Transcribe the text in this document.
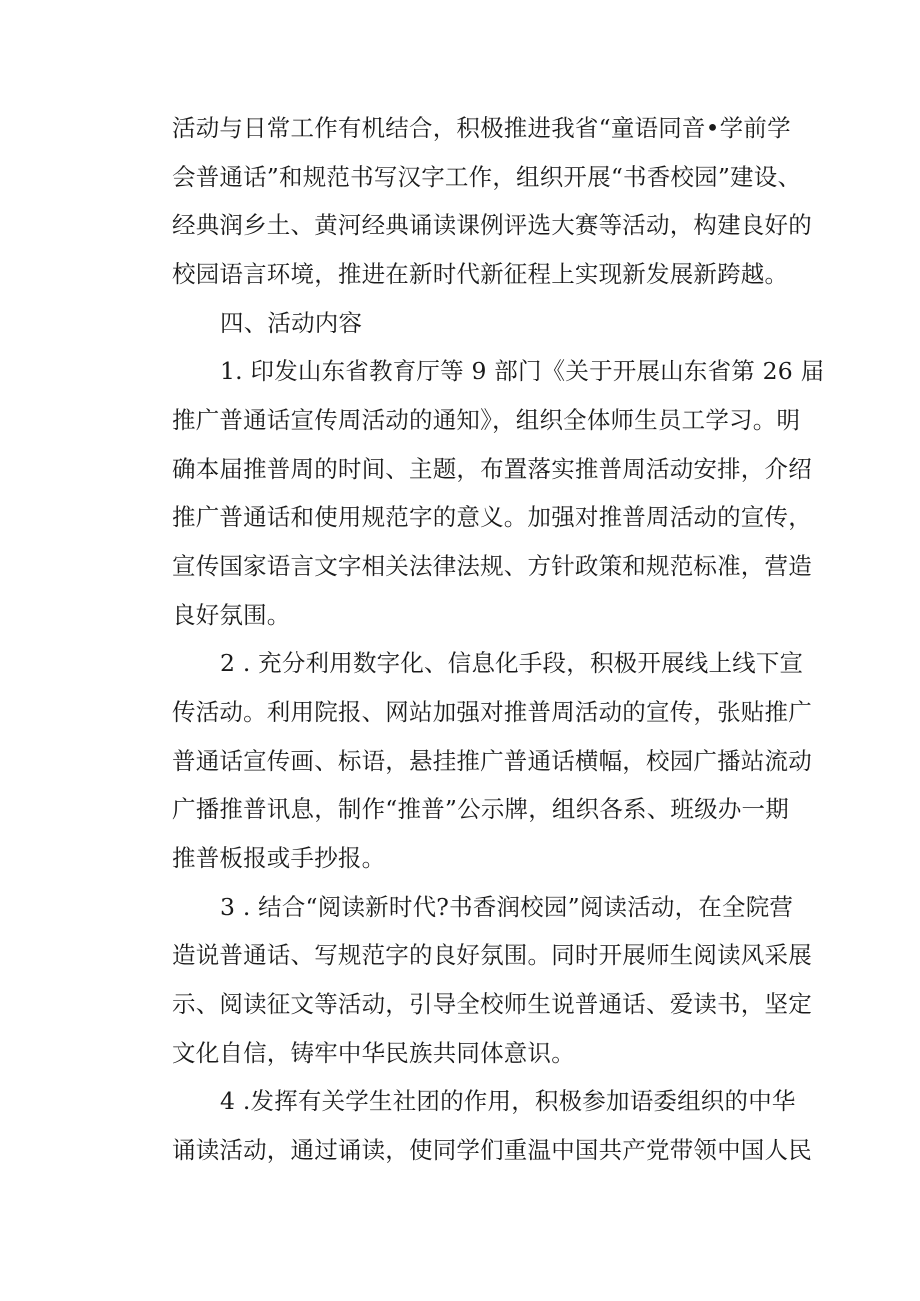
活动与日常工作有机结合，积极推进我省“童语同音•学前学

会普通话”和规范书写汉字工作，组织开展“书香校园”建设、

经典润乡土、黄河经典诵读课例评选大赛等活动，构建良好的

校园语言环境，推进在新时代新征程上实现新发展新跨越。

四、活动内容

1. 印发山东省教育厅等 9 部门《关于开展山东省第 26 届

推广普通话宣传周活动的通知》，组织全体师生员工学习。明

确本届推普周的时间、主题，布置落实推普周活动安排，介绍

推广普通话和使用规范字的意义。加强对推普周活动的宣传，

宣传国家语言文字相关法律法规、方针政策和规范标准，营造

良好氛围。

2 . 充分利用数字化、信息化手段，积极开展线上线下宣

传活动。利用院报、网站加强对推普周活动的宣传，张贴推广

普通话宣传画、标语，悬挂推广普通话横幅，校园广播站流动

广播推普讯息，制作“推普”公示牌，组织各系、班级办一期

推普板报或手抄报。

3 . 结合“阅读新时代?书香润校园”阅读活动，在全院营

造说普通话、写规范字的良好氛围。同时开展师生阅读风采展

示、阅读征文等活动，引导全校师生说普通话、爱读书，坚定

文化自信，铸牢中华民族共同体意识。

4 .发挥有关学生社团的作用，积极参加语委组织的中华

诵读活动，通过诵读，使同学们重温中国共产党带领中国人民
